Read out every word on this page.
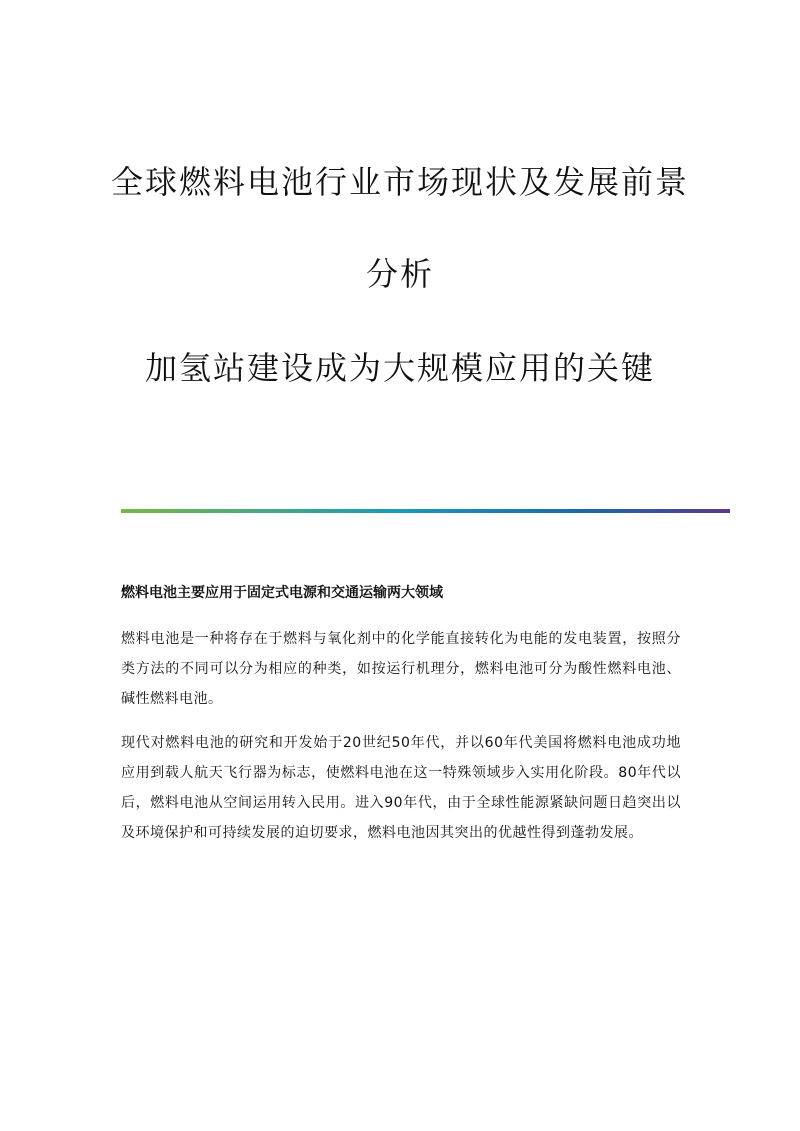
全球燃料电池行业市场现状及发展前景
分析
加氢站建设成为大规模应用的关键
燃料电池主要应用于固定式电源和交通运输两大领域

燃料电池是一种将存在于燃料与氧化剂中的化学能直接转化为电能的发电装置，按照分类方法的不同可以分为相应的种类，如按运行机理分，燃料电池可分为酸性燃料电池、碱性燃料电池。

现代对燃料电池的研究和开发始于20世纪50年代，并以60年代美国将燃料电池成功地应用到载人航天飞行器为标志，使燃料电池在这一特殊领域步入实用化阶段。80年代以后，燃料电池从空间运用转入民用。进入90年代，由于全球性能源紧缺问题日趋突出以及环境保护和可持续发展的迫切要求，燃料电池因其突出的优越性得到蓬勃发展。
